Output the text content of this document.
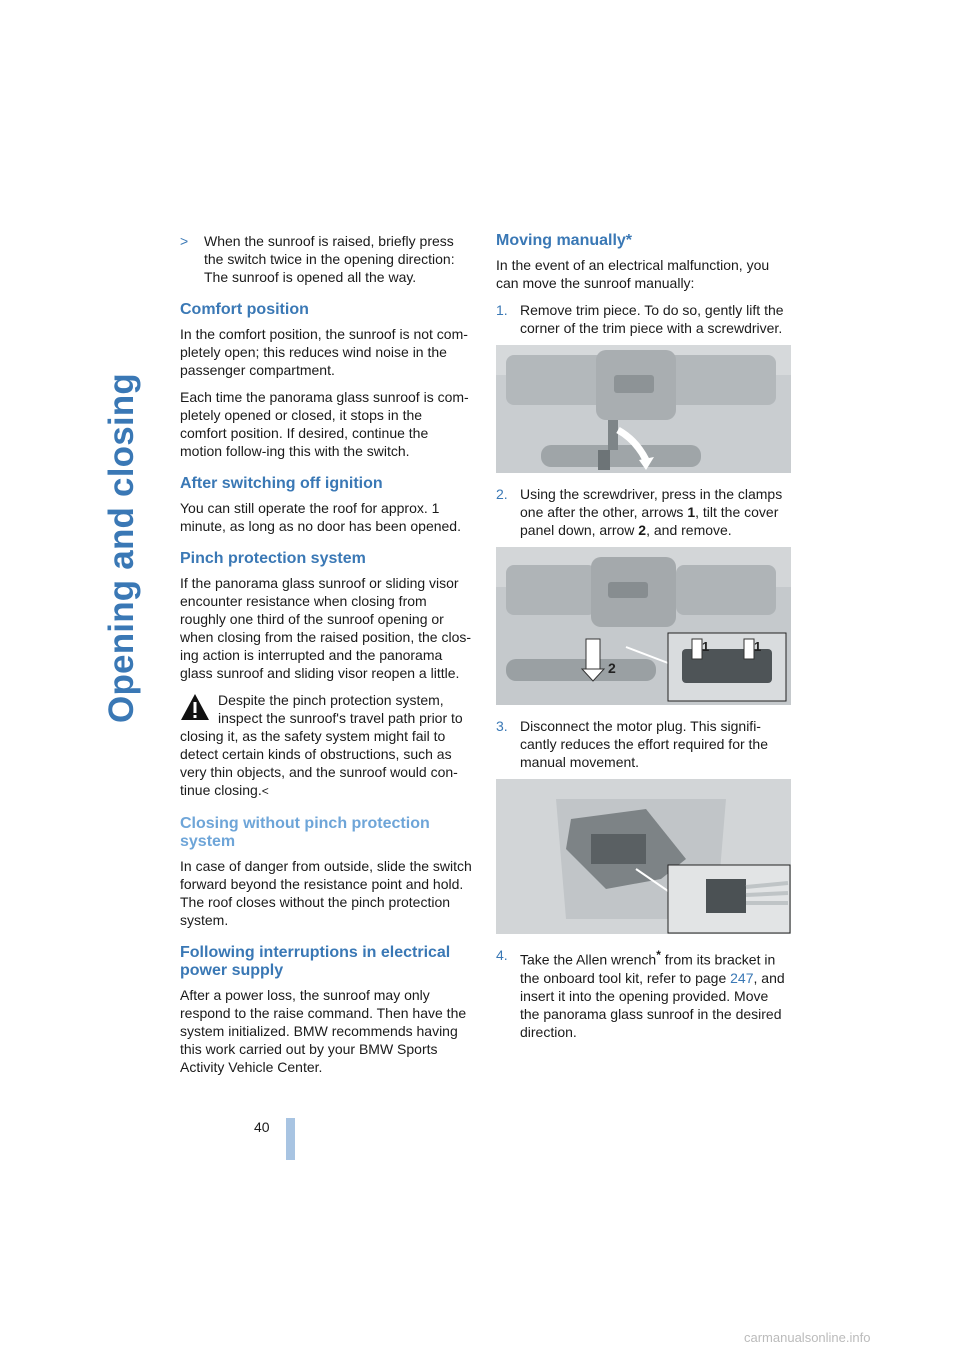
Opening and closing
40
>	When the sunroof is raised, briefly press the switch twice in the opening direction:
The sunroof is opened all the way.
Comfort position

In the comfort position, the sunroof is not com-pletely open; this reduces wind noise in the passenger compartment.

Each time the panorama glass sunroof is com-pletely opened or closed, it stops in the comfort position. If desired, continue the motion follow-ing this with the switch.

After switching off ignition

You can still operate the roof for approx. 1 minute, as long as no door has been opened.

Pinch protection system

If the panorama glass sunroof or sliding visor encounter resistance when closing from roughly one third of the sunroof opening or when closing from the raised position, the clos-ing action is interrupted and the panorama glass sunroof and sliding visor reopen a little.

Despite the pinch protection system, inspect the sunroof's travel path prior to closing it, as the safety system might fail to detect certain kinds of obstructions, such as very thin objects, and the sunroof would con-tinue closing.<
Closing without pinch protection system

In case of danger from outside, slide the switch forward beyond the resistance point and hold. The roof closes without the pinch protection system.

Following interruptions in electrical power supply

After a power loss, the sunroof may only respond to the raise command. Then have the system initialized. BMW recommends having this work carried out by your BMW Sports Activity Vehicle Center.

Moving manually*

In the event of an electrical malfunction, you can move the sunroof manually:

1. Remove trim piece. To do so, gently lift the corner of the trim piece with a screwdriver.
2. Using the screwdriver, press in the clamps one after the other, arrows 1, tilt the cover panel down, arrow 2, and remove.
2
1	1
3. Disconnect the motor plug. This signifi-cantly reduces the effort required for the manual movement.
4. Take the Allen wrench* from its bracket in the onboard tool kit, refer to page 247, and insert it into the opening provided. Move the panorama glass sunroof in the desired direction.
carmanualsonline.info
